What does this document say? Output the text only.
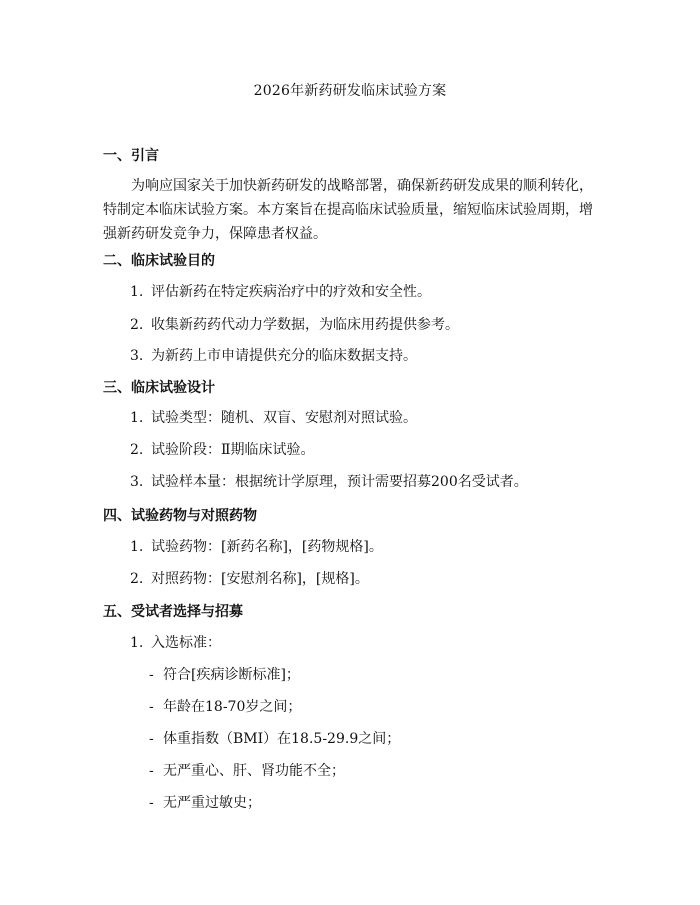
2026年新药研发临床试验方案
一、引言
为响应国家关于加快新药研发的战略部署，确保新药研发成果的顺利转化，特制定本临床试验方案。本方案旨在提高临床试验质量，缩短临床试验周期，增强新药研发竞争力，保障患者权益。
二、临床试验目的
1. 评估新药在特定疾病治疗中的疗效和安全性。
2. 收集新药药代动力学数据，为临床用药提供参考。
3. 为新药上市申请提供充分的临床数据支持。
三、临床试验设计
1. 试验类型：随机、双盲、安慰剂对照试验。
2. 试验阶段：Ⅱ期临床试验。
3. 试验样本量：根据统计学原理，预计需要招募200名受试者。
四、试验药物与对照药物
1. 试验药物：[新药名称]，[药物规格]。
2. 对照药物：[安慰剂名称]，[规格]。
五、受试者选择与招募
1. 入选标准：
- 符合[疾病诊断标准]；
- 年龄在18-70岁之间；
- 体重指数（BMI）在18.5-29.9之间；
- 无严重心、肝、肾功能不全；
- 无严重过敏史；
